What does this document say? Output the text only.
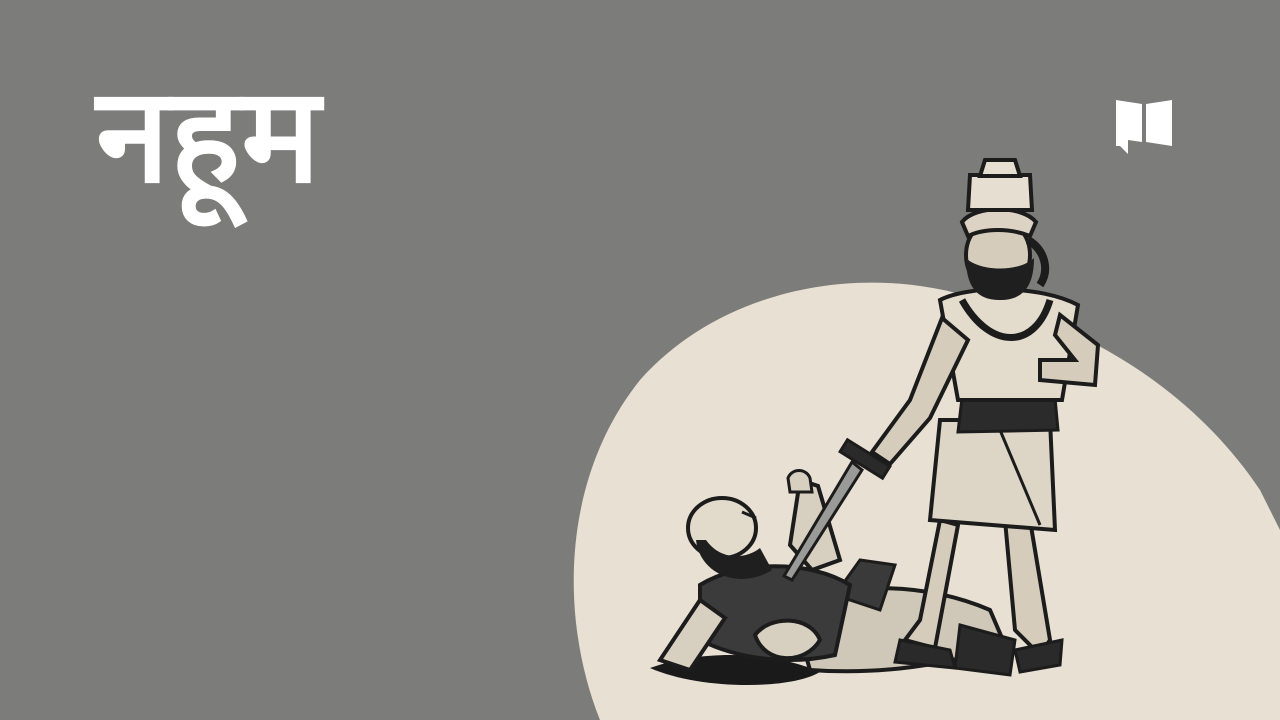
नहूम
